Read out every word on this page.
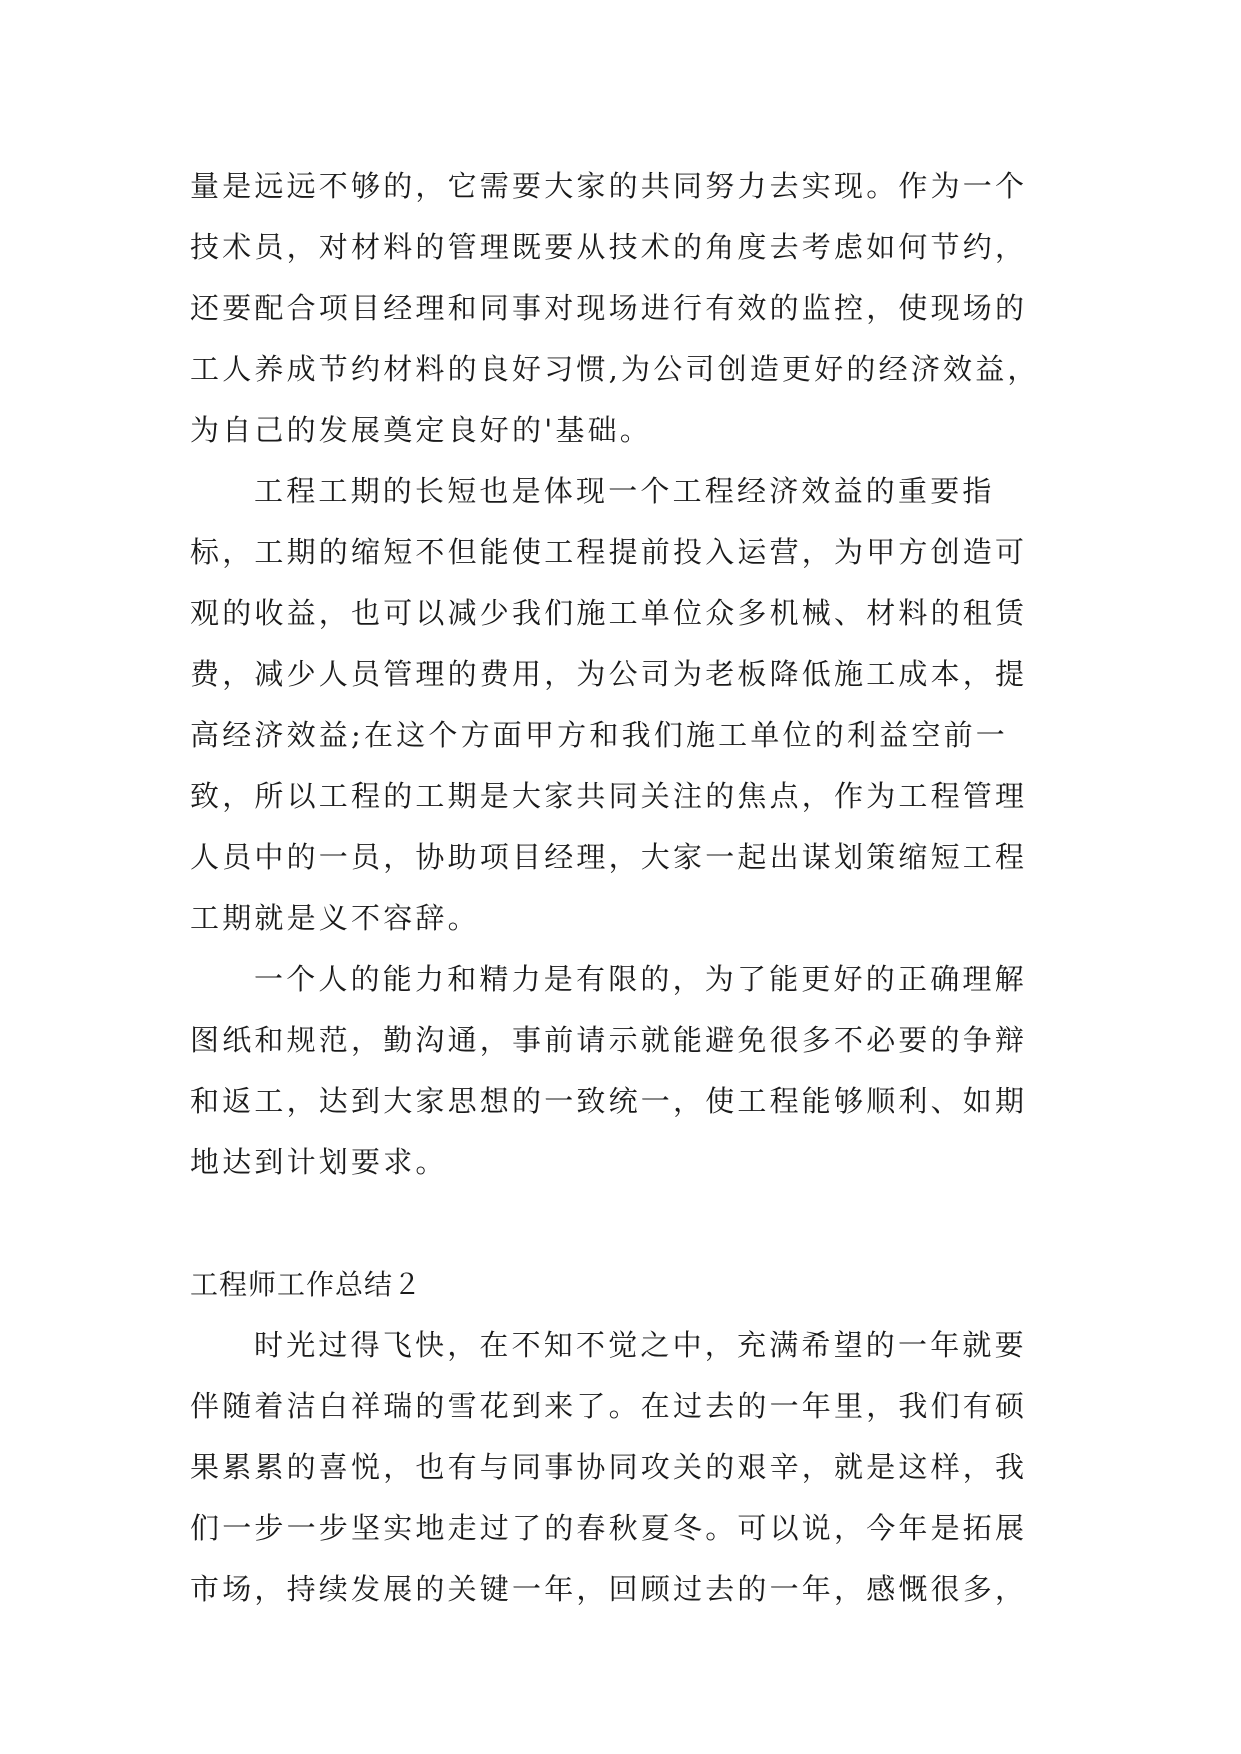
量是远远不够的，它需要大家的共同努力去实现。作为一个
技术员，对材料的管理既要从技术的角度去考虑如何节约，
还要配合项目经理和同事对现场进行有效的监控，使现场的
工人养成节约材料的良好习惯,为公司创造更好的经济效益，
为自己的发展奠定良好的'基础。
工程工期的长短也是体现一个工程经济效益的重要指
标，工期的缩短不但能使工程提前投入运营，为甲方创造可
观的收益，也可以减少我们施工单位众多机械、材料的租赁
费，减少人员管理的费用，为公司为老板降低施工成本，提
高经济效益;在这个方面甲方和我们施工单位的利益空前一
致，所以工程的工期是大家共同关注的焦点，作为工程管理
人员中的一员，协助项目经理，大家一起出谋划策缩短工程
工期就是义不容辞。
一个人的能力和精力是有限的，为了能更好的正确理解
图纸和规范，勤沟通，事前请示就能避免很多不必要的争辩
和返工，达到大家思想的一致统一，使工程能够顺利、如期
地达到计划要求。
工程师工作总结２
时光过得飞快，在不知不觉之中，充满希望的一年就要
伴随着洁白祥瑞的雪花到来了。在过去的一年里，我们有硕
果累累的喜悦，也有与同事协同攻关的艰辛，就是这样，我
们一步一步坚实地走过了的春秋夏冬。可以说，今年是拓展
市场，持续发展的关键一年，回顾过去的一年，感慨很多，
